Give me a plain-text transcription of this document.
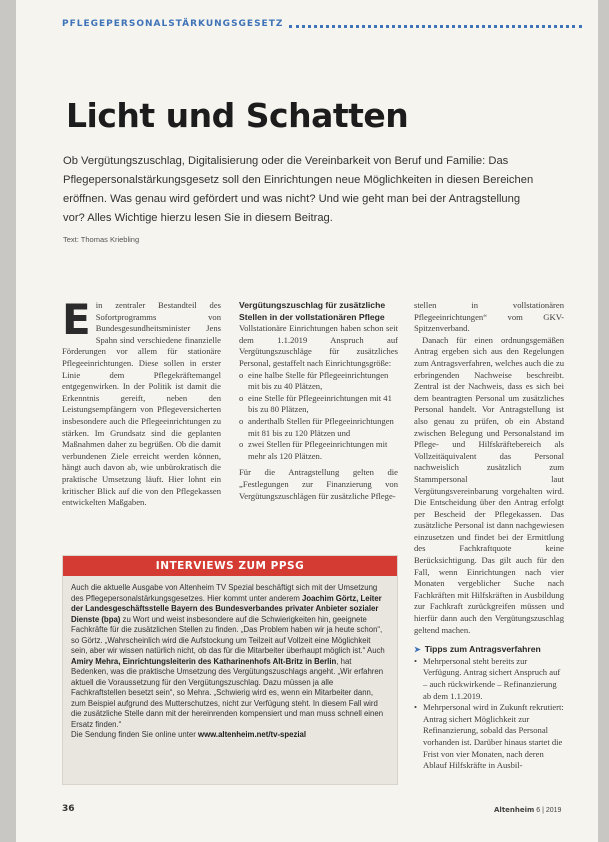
PFLEGEPERSONALSTÄRKUNGSGESETZ
Licht und Schatten

Ob Vergütungszuschlag, Digitalisierung oder die Vereinbarkeit von Beruf und Familie: Das Pflegepersonalstärkungsgesetz soll den Einrichtungen neue Möglichkeiten in diesen Bereichen eröffnen. Was genau wird gefördert und was nicht? Und wie geht man bei der Antragstellung vor? Alles Wichtige hierzu lesen Sie in diesem Beitrag.

Text: Thomas Kriebling

E in zentraler Bestandteil des Sofortprogramms von Bundesgesundheitsminister Jens Spahn sind verschiedene finanzielle Förderungen vor allem für stationäre Pflegeeinrichtungen. Diese sollen in erster Linie dem Pflegekräftemangel entgegenwirken. In der Politik ist damit die Erkenntnis gereift, neben den Leistungsempfängern von Pflegeversicherten insbesondere auch die Pflegeeinrichtungen zu stärken. Im Grundsatz sind die geplanten Maßnahmen daher zu begrüßen. Ob die damit verbundenen Ziele erreicht werden können, hängt auch davon ab, wie unbürokratisch die praktische Umsetzung läuft. Hier lohnt ein kritischer Blick auf die von den Pflegekassen entwickelten Maßgaben.

Vergütungszuschlag für zusätzliche Stellen in der vollstationären Pflege

Vollstationäre Einrichtungen haben schon seit dem 1.1.2019 Anspruch auf Vergütungszuschläge für zusätzliches Personal, gestaffelt nach Einrichtungsgröße:

o eine halbe Stelle für Pflegeeinrichtungen mit bis zu 40 Plätzen,
o eine Stelle für Pflegeeinrichtungen mit 41 bis zu 80 Plätzen,
o anderthalb Stellen für Pflegeeinrichtungen mit 81 bis zu 120 Plätzen und
o zwei Stellen für Pflegeeinrichtungen mit mehr als 120 Plätzen.

Für die Antragstellung gelten die „Festlegungen zur Finanzierung von Vergütungszuschlägen für zusätzliche Pflege-

stellen in vollstationären Pflegeeinrichtungen“ vom GKV-Spitzenverband.

Danach für einen ordnungsgemäßen Antrag ergeben sich aus den Regelungen zum Antragsverfahren, welches auch die zu erbringenden Nachweise beschreibt. Zentral ist der Nachweis, dass es sich bei dem beantragten Personal um zusätzliches Personal handelt. Vor Antragstellung ist also genau zu prüfen, ob ein Abstand zwischen Belegung und Personalstand im Pflege- und Hilfskräftebereich als Vollzeitäquivalent das Personal nachweislich zusätzlich zum Stammpersonal laut Vergütungsvereinbarung vorgehalten wird. Die Entscheidung über den Antrag erfolgt per Bescheid der Pflegekassen. Das zusätzliche Personal ist dann nachgewiesen einzusetzen und findet bei der Ermittlung des Fachkraftquote keine Berücksichtigung. Das gilt auch für den Fall, wenn Einrichtungen nach vier Monaten vergeblicher Suche nach Fachkräften mit Hilfskräften in Ausbildung zur Fachkraft zurückgreifen müssen und hierfür dann auch den Vergütungszuschlag geltend machen.

➤ Tipps zum Antragsverfahren
• Mehrpersonal steht bereits zur Verfügung. Antrag sichert Anspruch auf – auch rückwirkende – Refinanzierung ab dem 1.1.2019.
• Mehrpersonal wird in Zukunft rekrutiert: Antrag sichert Möglichkeit zur Refinanzierung, sobald das Personal vorhanden ist. Darüber hinaus startet die Frist von vier Monaten, nach deren Ablauf Hilfskräfte in Ausbil-
INTERVIEWS ZUM PPSG
Auch die aktuelle Ausgabe von Altenheim TV Spezial beschäftigt sich mit der Umsetzung des Pflegepersonalstärkungsgesetzes. Hier kommt unter anderem Joachim Görtz, Leiter der Landesgeschäftsstelle Bayern des Bundesverbandes privater Anbieter sozialer Dienste (bpa) zu Wort und weist insbesondere auf die Schwierigkeiten hin, geeignete Fachkräfte für die zusätzlichen Stellen zu finden. „Das Problem haben wir ja heute schon“, so Görtz. „Wahrscheinlich wird die Aufstockung um Teilzeit auf Vollzeit eine Möglichkeit sein, aber wir wissen natürlich nicht, ob das für die Mitarbeiter überhaupt möglich ist.“ Auch Amiry Mehra, Einrichtungsleiterin des Katharinenhofs Alt-Britz in Berlin, hat Bedenken, was die praktische Umsetzung des Vergütungszuschlags angeht. „Wir erfahren aktuell die Voraussetzung für den Vergütungszuschlag. Dazu müssen ja alle Fachkraftstellen besetzt sein“, so Mehra. „Schwierig wird es, wenn ein Mitarbeiter dann, zum Beispiel aufgrund des Mutterschutzes, nicht zur Verfügung steht. In diesem Fall wird die zusätzliche Stelle dann mit der hereinrenden kompensiert und man muss schnell einen Ersatz finden.“
Die Sendung finden Sie online unter www.altenheim.net/tv-spezial
36	Altenheim 6 | 2019
